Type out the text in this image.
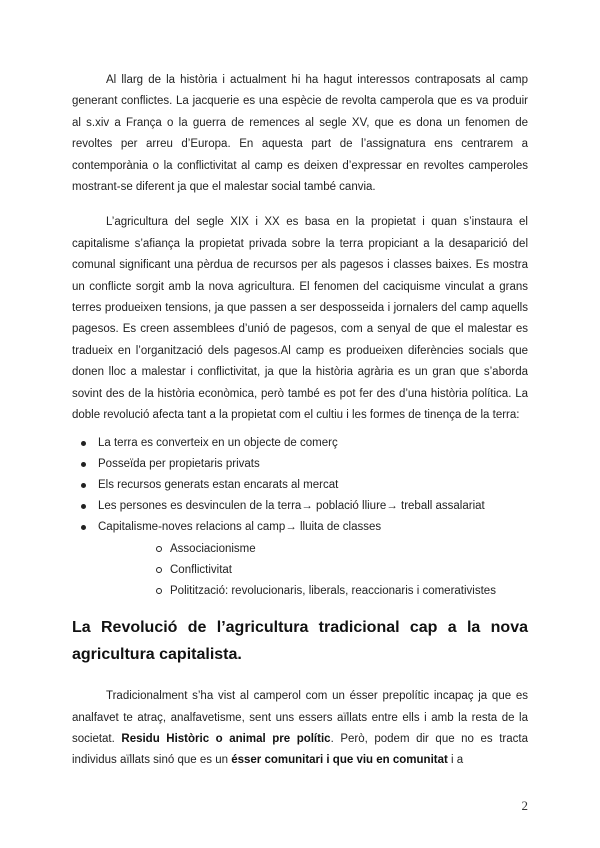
Al llarg de la història i actualment hi ha hagut interessos contraposats al camp generant conflictes. La jacquerie es una espècie de revolta camperola que es va produir al s.xiv a França o la guerra de remences al segle XV, que es dona un fenomen de revoltes per arreu d’Europa. En aquesta part de l’assignatura ens centrarem a contemporània o la conflictivitat al camp es deixen d’expressar en revoltes camperoles mostrant-se diferent ja que el malestar social també canvia.

L’agricultura del segle XIX i XX es basa en la propietat i quan s’instaura el capitalisme s’afiança la propietat privada sobre la terra propiciant a la desaparició del comunal significant una pèrdua de recursos per als pagesos i classes baixes. Es mostra un conflicte sorgit amb la nova agricultura. El fenomen del caciquisme vinculat a grans terres produeixen tensions, ja que passen a ser desposseida i jornalers del camp aquells pagesos. Es creen assemblees d’unió de pagesos, com a senyal de que el malestar es tradueix en l’organització dels pagesos.Al camp es produeixen diferències socials que donen lloc a malestar i conflictivitat, ja que la història agrària es un gran que s’aborda sovint des de la història econòmica, però també es pot fer des d’una història política. La doble revolució afecta tant a la propietat com el cultiu i les formes de tinença de la terra:

La terra es converteix en un objecte de comerç
Posseïda per propietaris privats
Els recursos generats estan encarats al mercat
Les persones es desvinculen de la terra→ població lliure→ treball assalariat
Capitalisme-noves relacions al camp→ lluita de classes
Associacionisme
Conflictivitat
Politització: revolucionaris, liberals, reaccionaris i comerativistes
La Revolució de l’agricultura tradicional cap a la nova agricultura capitalista.

Tradicionalment s’ha vist al camperol com un ésser prepolític incapaç ja que es analfavet te atraç, analfavetisme, sent uns essers aïllats entre ells i amb la resta de la societat. Residu Històric o animal pre polític. Però, podem dir que no es tracta individus aïllats sinó que es un ésser comunitari i que viu en comunitat i a

2
